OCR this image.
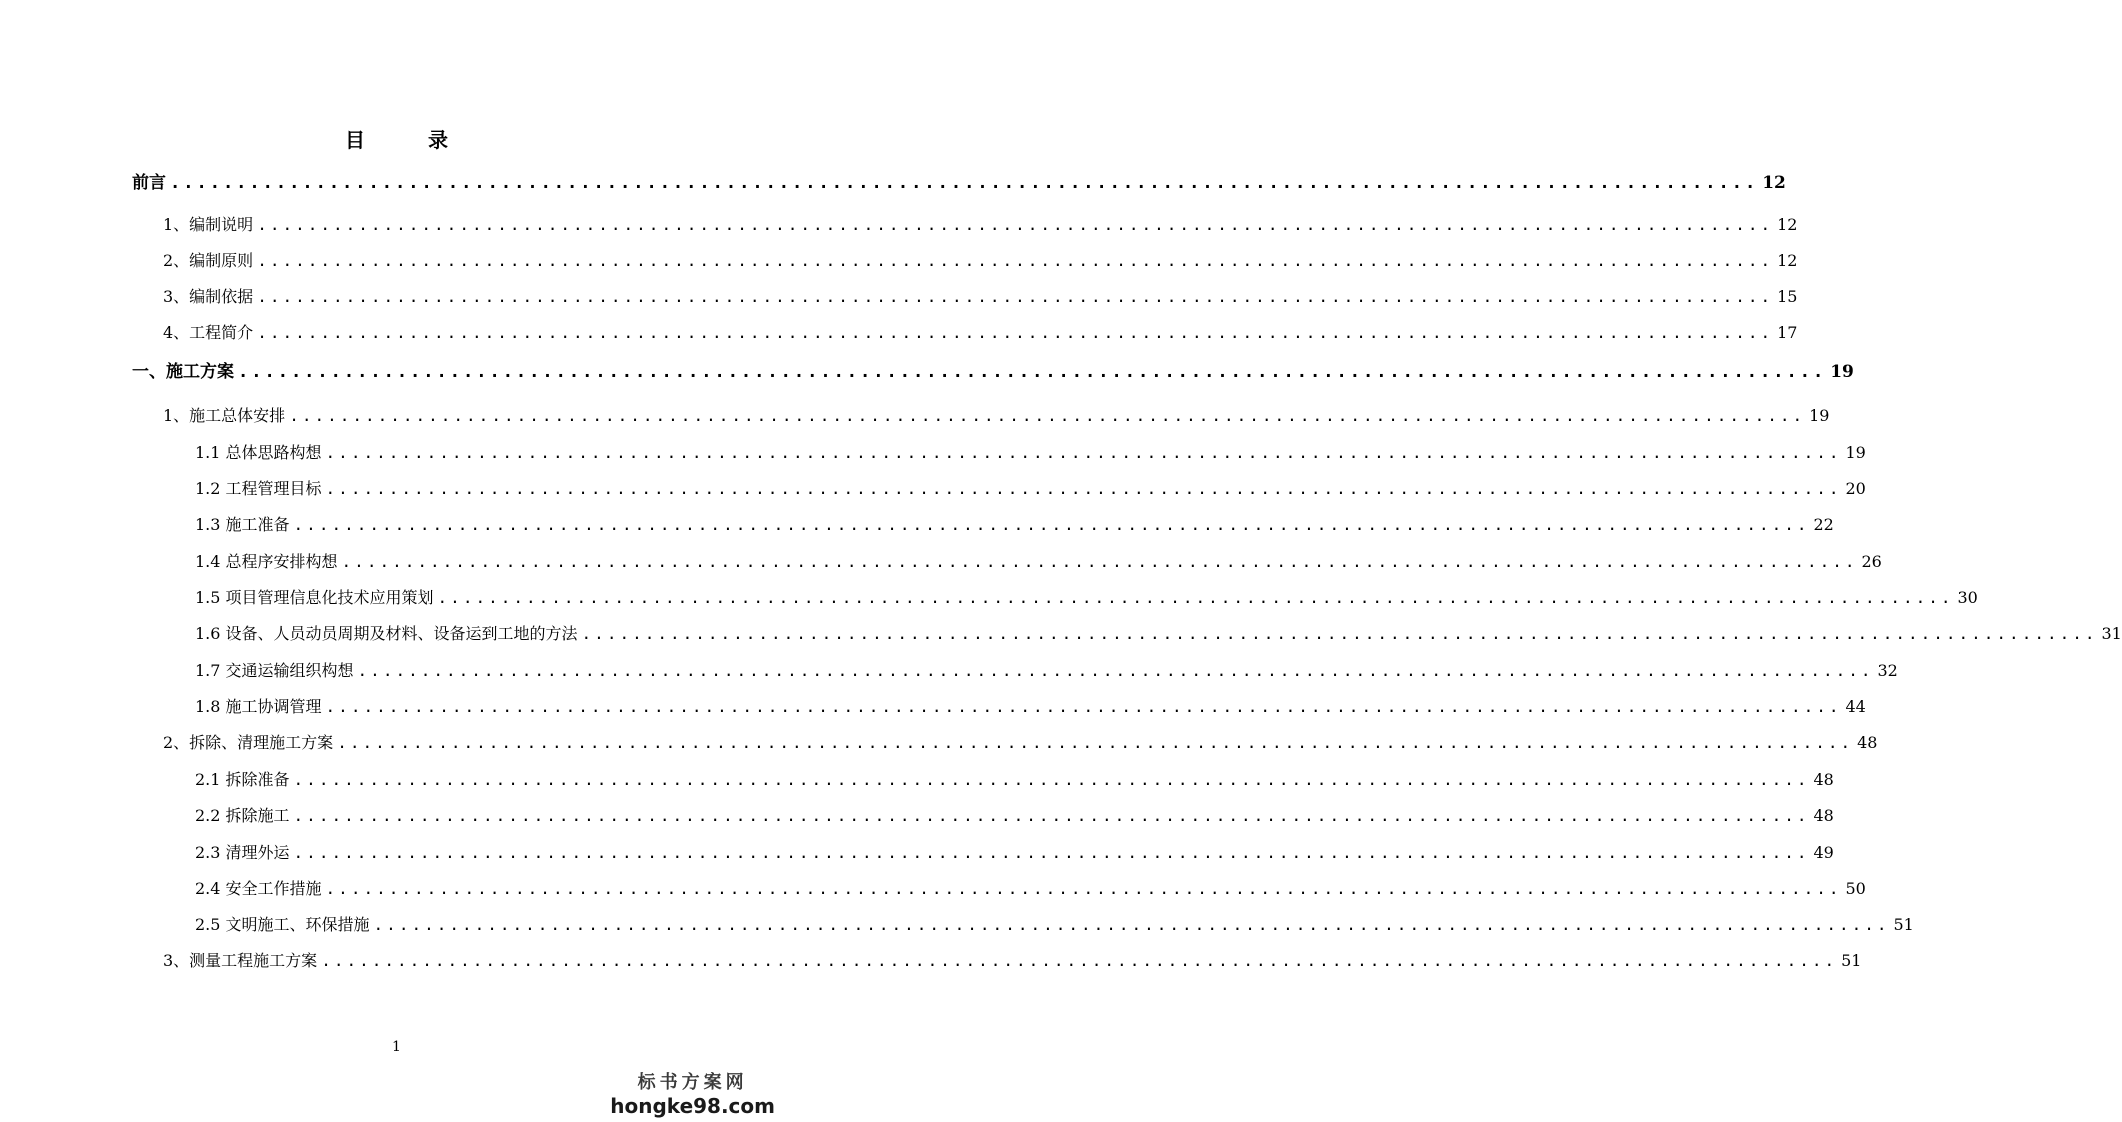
目 录
前言 ........................................................................................................................ 12
1、编制说明 ........................................................................................................................ 12
2、编制原则 ........................................................................................................................ 12
3、编制依据 ........................................................................................................................ 15
4、工程简介 ........................................................................................................................ 17
一、施工方案 ........................................................................................................................ 19
1、施工总体安排 ........................................................................................................................ 19
1.1 总体思路构想 ........................................................................................................................ 19
1.2 工程管理目标 ........................................................................................................................ 20
1.3 施工准备 ........................................................................................................................ 22
1.4 总程序安排构想 ........................................................................................................................ 26
1.5 项目管理信息化技术应用策划 ........................................................................................................................ 30
1.6 设备、人员动员周期及材料、设备运到工地的方法 ........................................................................................................................ 31
1.7 交通运输组织构想 ........................................................................................................................ 32
1.8 施工协调管理 ........................................................................................................................ 44
2、拆除、清理施工方案 ........................................................................................................................ 48
2.1 拆除准备 ........................................................................................................................ 48
2.2 拆除施工 ........................................................................................................................ 48
2.3 清理外运 ........................................................................................................................ 49
2.4 安全工作措施 ........................................................................................................................ 50
2.5 文明施工、环保措施 ........................................................................................................................ 51
3、测量工程施工方案 ........................................................................................................................ 51
1
标书方案网
hongke98.com
